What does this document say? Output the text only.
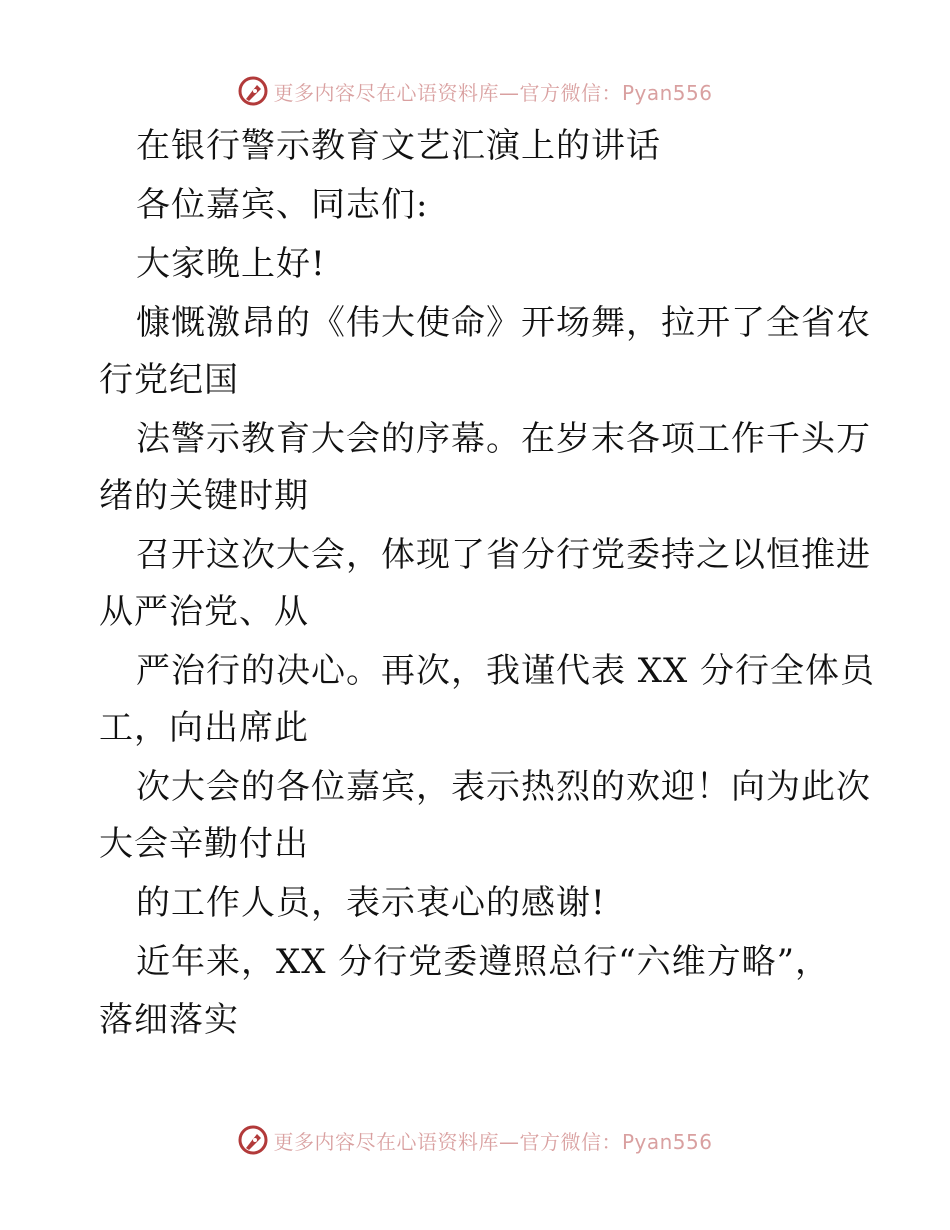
更多内容尽在心语资料库—官方微信：Pyan556
在银行警示教育文艺汇演上的讲话
各位嘉宾、同志们:
大家晚上好!
慷慨激昂的《伟大使命》开场舞，拉开了全省农
行党纪国
法警示教育大会的序幕。在岁末各项工作千头万
绪的关键时期
召开这次大会，体现了省分行党委持之以恒推进
从严治党、从
严治行的决心。再次，我谨代表 XX 分行全体员
工，向出席此
次大会的各位嘉宾，表示热烈的欢迎！向为此次
大会辛勤付出
的工作人员，表示衷心的感谢!
近年来，XX 分行党委遵照总行“六维方略”，
落细落实
更多内容尽在心语资料库—官方微信：Pyan556
